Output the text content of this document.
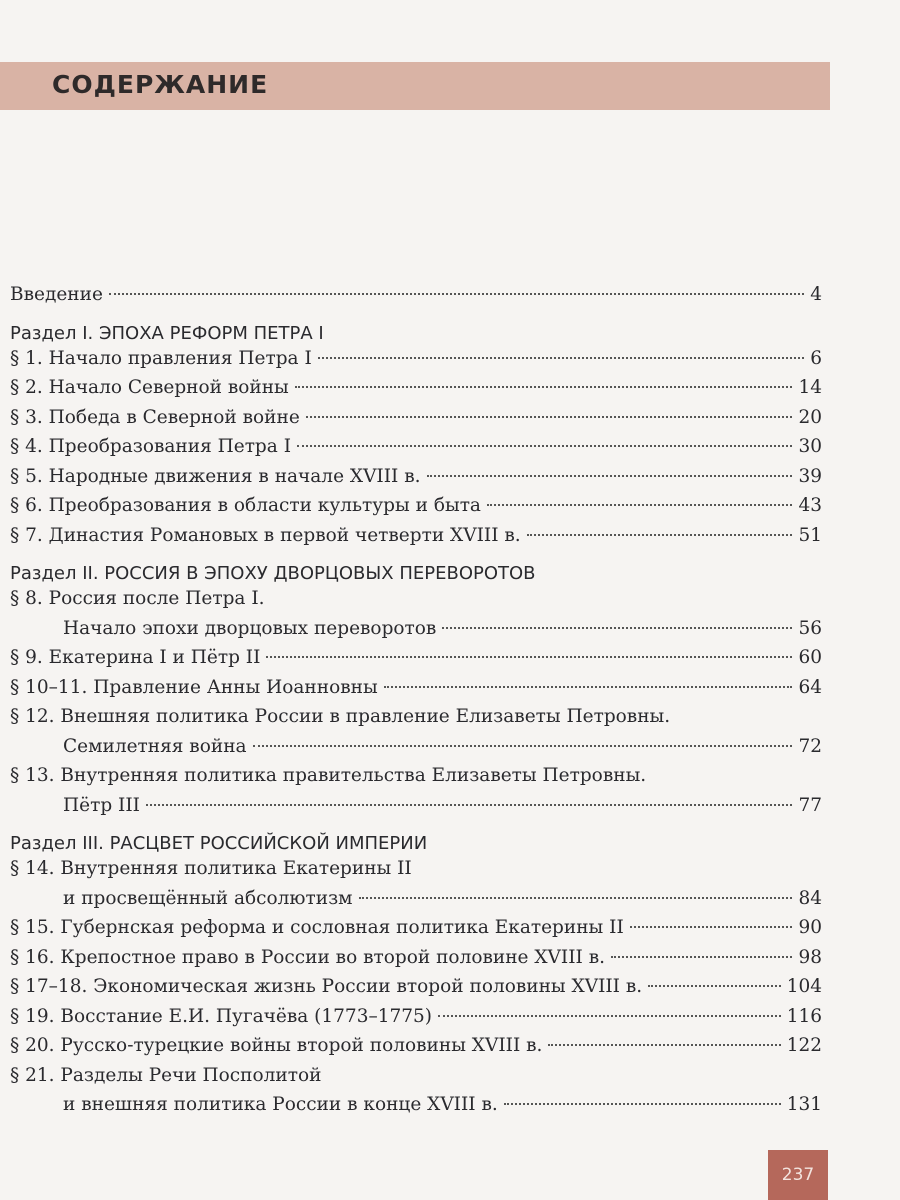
СОДЕРЖАНИЕ
Введение	4
Раздел I. ЭПОХА РЕФОРМ ПЕТРА I
§ 1. Начало правления Петра I	6
§ 2. Начало Северной войны	14
§ 3. Победа в Северной войне	20
§ 4. Преобразования Петра I	30
§ 5. Народные движения в начале XVIII в.	39
§ 6. Преобразования в области культуры и быта	43
§ 7. Династия Романовых в первой четверти XVIII в.	51
Раздел II. РОССИЯ В ЭПОХУ ДВОРЦОВЫХ ПЕРЕВОРОТОВ
§ 8. Россия после Петра I.
Начало эпохи дворцовых переворотов	56
§ 9. Екатерина I и Пётр II	60
§ 10–11. Правление Анны Иоанновны	64
§ 12. Внешняя политика России в правление Елизаветы Петровны.
Семилетняя война	72
§ 13. Внутренняя политика правительства Елизаветы Петровны.
Пётр III	77
Раздел III. РАСЦВЕТ РОССИЙСКОЙ ИМПЕРИИ
§ 14. Внутренняя политика Екатерины II
и просвещённый абсолютизм	84
§ 15. Губернская реформа и сословная политика Екатерины II	90
§ 16. Крепостное право в России во второй половине XVIII в.	98
§ 17–18. Экономическая жизнь России второй половины XVIII в.	104
§ 19. Восстание Е.И. Пугачёва (1773–1775)	116
§ 20. Русско-турецкие войны второй половины XVIII в.	122
§ 21. Разделы Речи Посполитой
и внешняя политика России в конце XVIII в.	131
237
